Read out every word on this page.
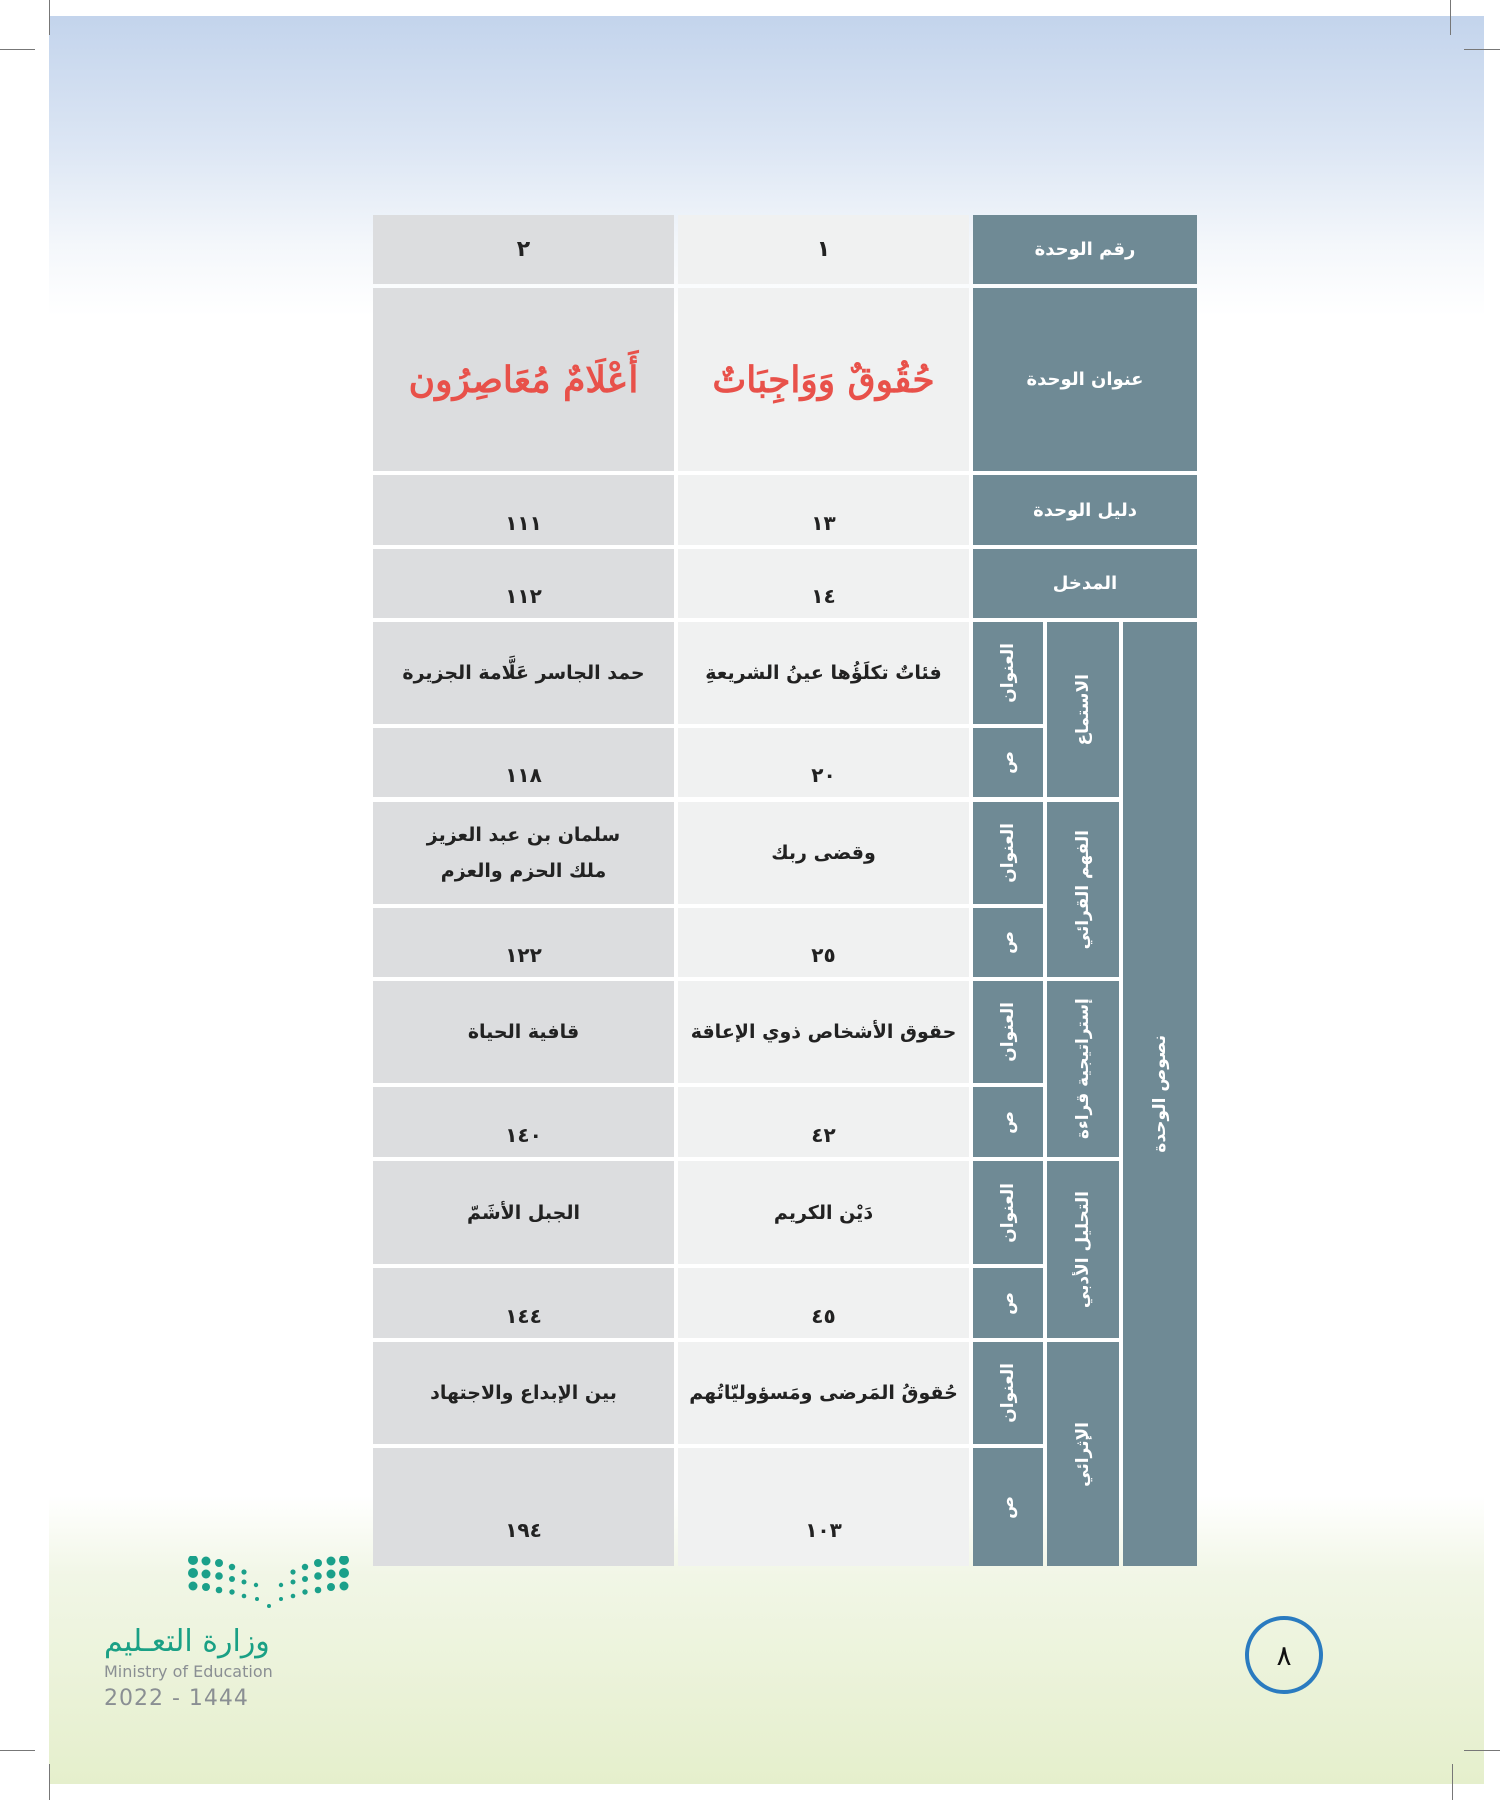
رقم الوحدة
١
٢
عنوان الوحدة
حُقُوقٌ وَوَاجِبَاتٌ
أَعْلَامٌ مُعَاصِرُون
دليل الوحدة
١٣
١١١
المدخل
١٤
١١٢
نصوص الوحدة
الاستماع
الفهم القرائي
إستراتيجية قراءة
التحليل الأدبي
الإثرائي
العنوان
فئاتٌ تكلَؤُها عينُ الشريعةِ
حمد الجاسر عَلَّامة الجزيرة
ص
٢٠
١١٨
العنوان
وقضى ربك
سلمان بن عبد العزيز
ملك الحزم والعزم
ص
٢٥
١٢٢
العنوان
حقوق الأشخاص ذوي الإعاقة
قافية الحياة
ص
٤٢
١٤٠
العنوان
دَيْن الكريم
الجبل الأشَمّ
ص
٤٥
١٤٤
العنوان
حُقوقُ المَرضى ومَسؤوليّاتُهم
بين الإبداع والاجتهاد
ص
١٠٣
١٩٤
وزارة التعـليم
Ministry of Education
2022 - 1444
٨
